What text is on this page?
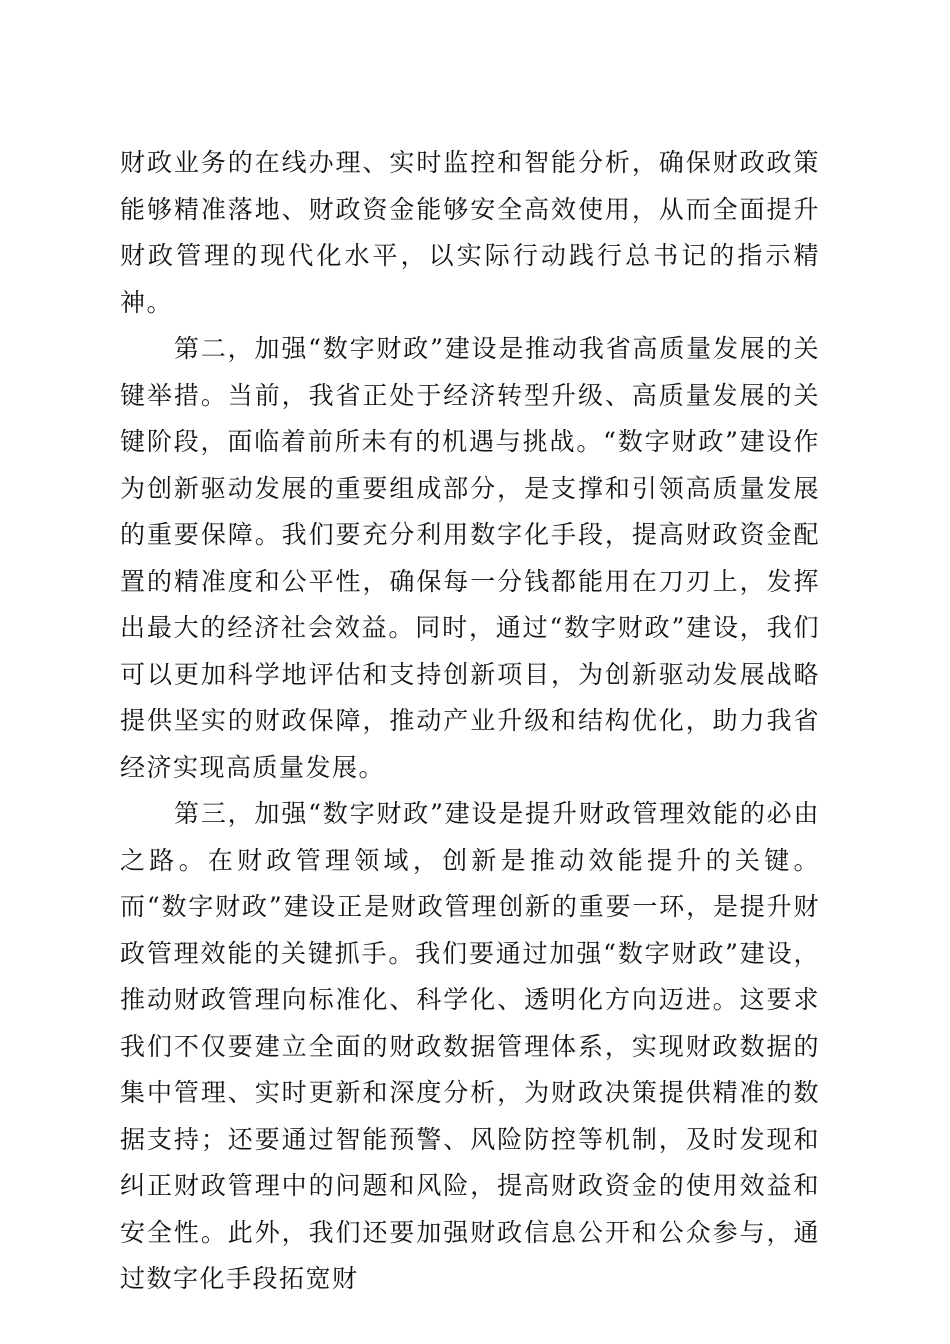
财政业务的在线办理、实时监控和智能分析，确保财政政策能够精准落地、财政资金能够安全高效使用，从而全面提升财政管理的现代化水平，以实际行动践行总书记的指示精神。

第二，加强“数字财政”建设是推动我省高质量发展的关键举措。当前，我省正处于经济转型升级、高质量发展的关键阶段，面临着前所未有的机遇与挑战。“数字财政”建设作为创新驱动发展的重要组成部分，是支撑和引领高质量发展的重要保障。我们要充分利用数字化手段，提高财政资金配置的精准度和公平性，确保每一分钱都能用在刀刃上，发挥出最大的经济社会效益。同时，通过“数字财政”建设，我们可以更加科学地评估和支持创新项目，为创新驱动发展战略提供坚实的财政保障，推动产业升级和结构优化，助力我省经济实现高质量发展。

第三，加强“数字财政”建设是提升财政管理效能的必由之路。在财政管理领域，创新是推动效能提升的关键。而“数字财政”建设正是财政管理创新的重要一环，是提升财政管理效能的关键抓手。我们要通过加强“数字财政”建设，推动财政管理向标准化、科学化、透明化方向迈进。这要求我们不仅要建立全面的财政数据管理体系，实现财政数据的集中管理、实时更新和深度分析，为财政决策提供精准的数据支持；还要通过智能预警、风险防控等机制，及时发现和纠正财政管理中的问题和风险，提高财政资金的使用效益和安全性。此外，我们还要加强财政信息公开和公众参与，通过数字化手段拓宽财
